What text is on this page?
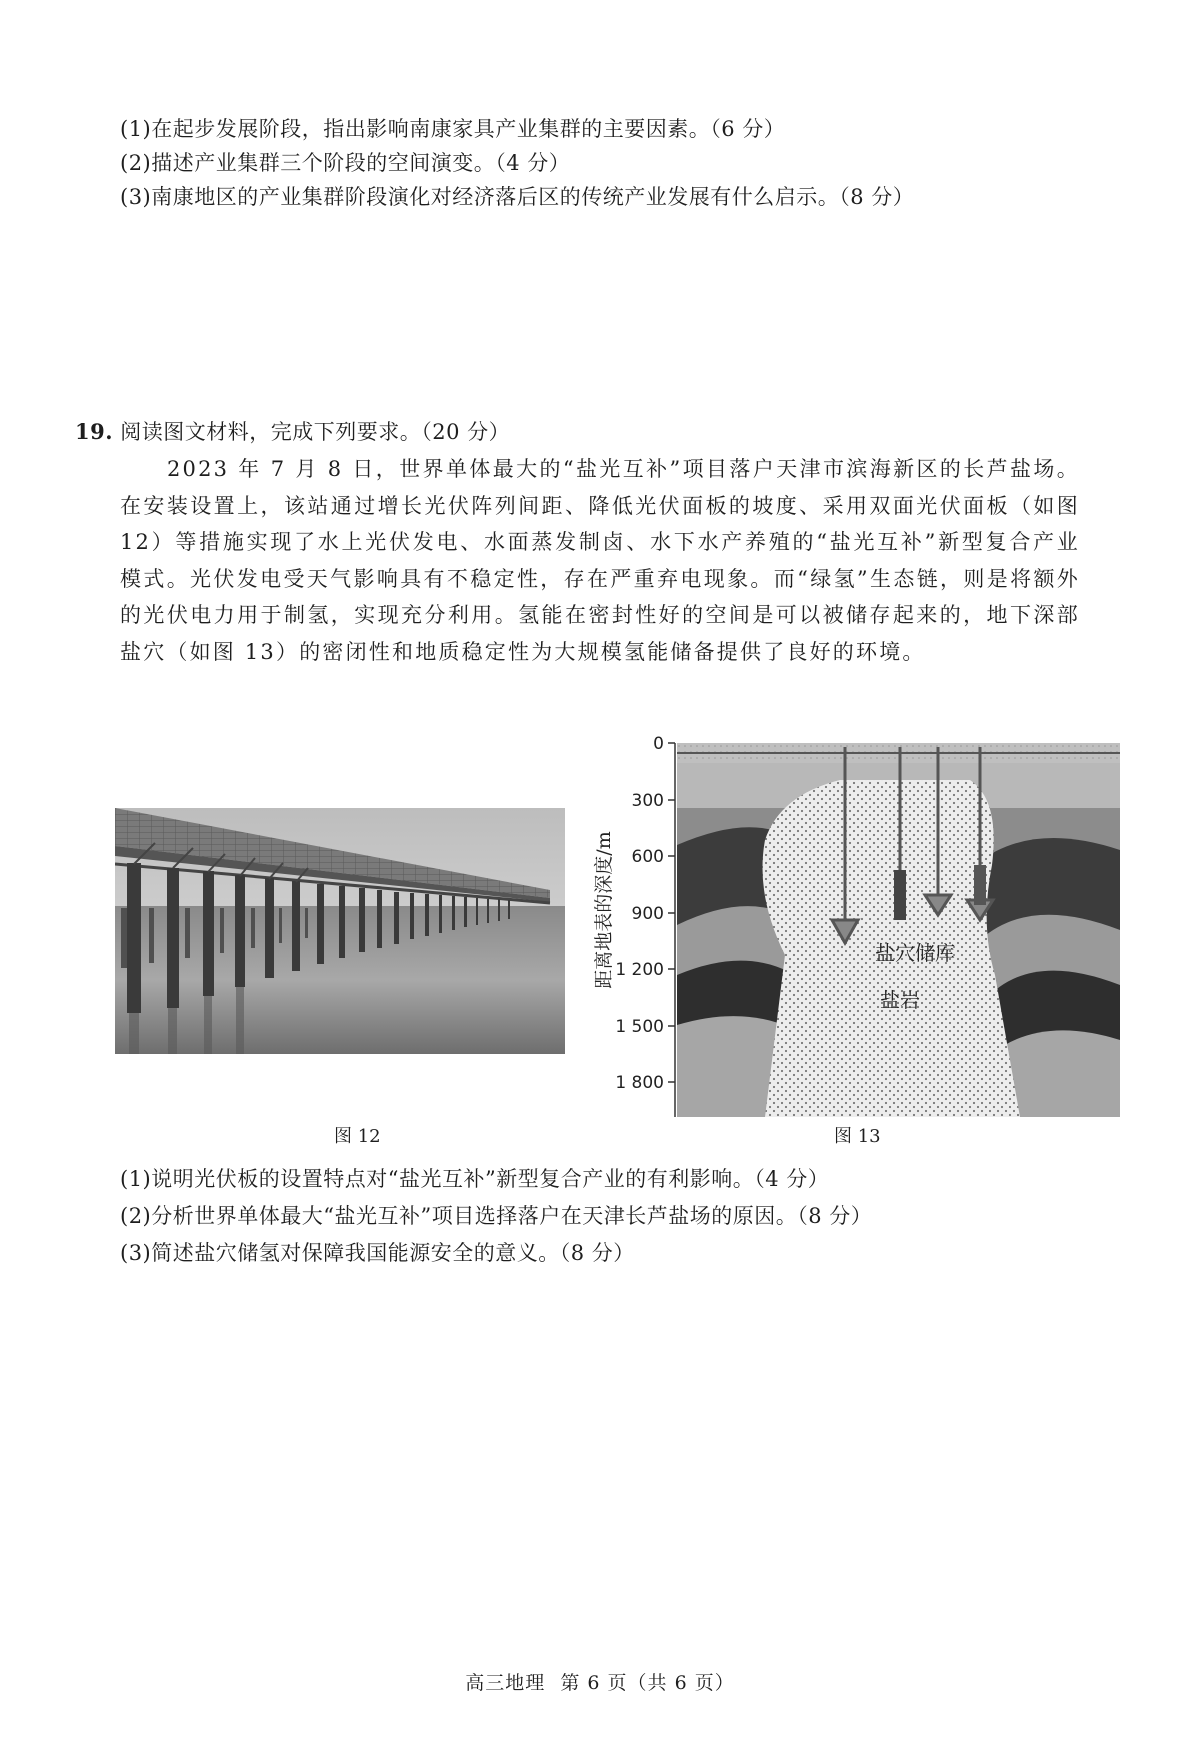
(1)在起步发展阶段，指出影响南康家具产业集群的主要因素。（6 分）
(2)描述产业集群三个阶段的空间演变。（4 分）
(3)南康地区的产业集群阶段演化对经济落后区的传统产业发展有什么启示。（8 分）
19. 阅读图文材料，完成下列要求。（20 分）
2023 年 7 月 8 日，世界单体最大的“盐光互补”项目落户天津市滨海新区的长芦盐场。在安装设置上，该站通过增长光伏阵列间距、降低光伏面板的坡度、采用双面光伏面板（如图 12）等措施实现了水上光伏发电、水面蒸发制卤、水下水产养殖的“盐光互补”新型复合产业模式。光伏发电受天气影响具有不稳定性，存在严重弃电现象。而“绿氢”生态链，则是将额外的光伏电力用于制氢，实现充分利用。氢能在密封性好的空间是可以被储存起来的，地下深部盐穴（如图 13）的密闭性和地质稳定性为大规模氢能储备提供了良好的环境。
图 12
距离地表的深度/m
0
300
600
900
1 200
1 500
1 800
盐穴储库
盐岩
图 13
(1)说明光伏板的设置特点对“盐光互补”新型复合产业的有利影响。（4 分）
(2)分析世界单体最大“盐光互补”项目选择落户在天津长芦盐场的原因。（8 分）
(3)简述盐穴储氢对保障我国能源安全的意义。（8 分）
高三地理 第 6 页（共 6 页）
